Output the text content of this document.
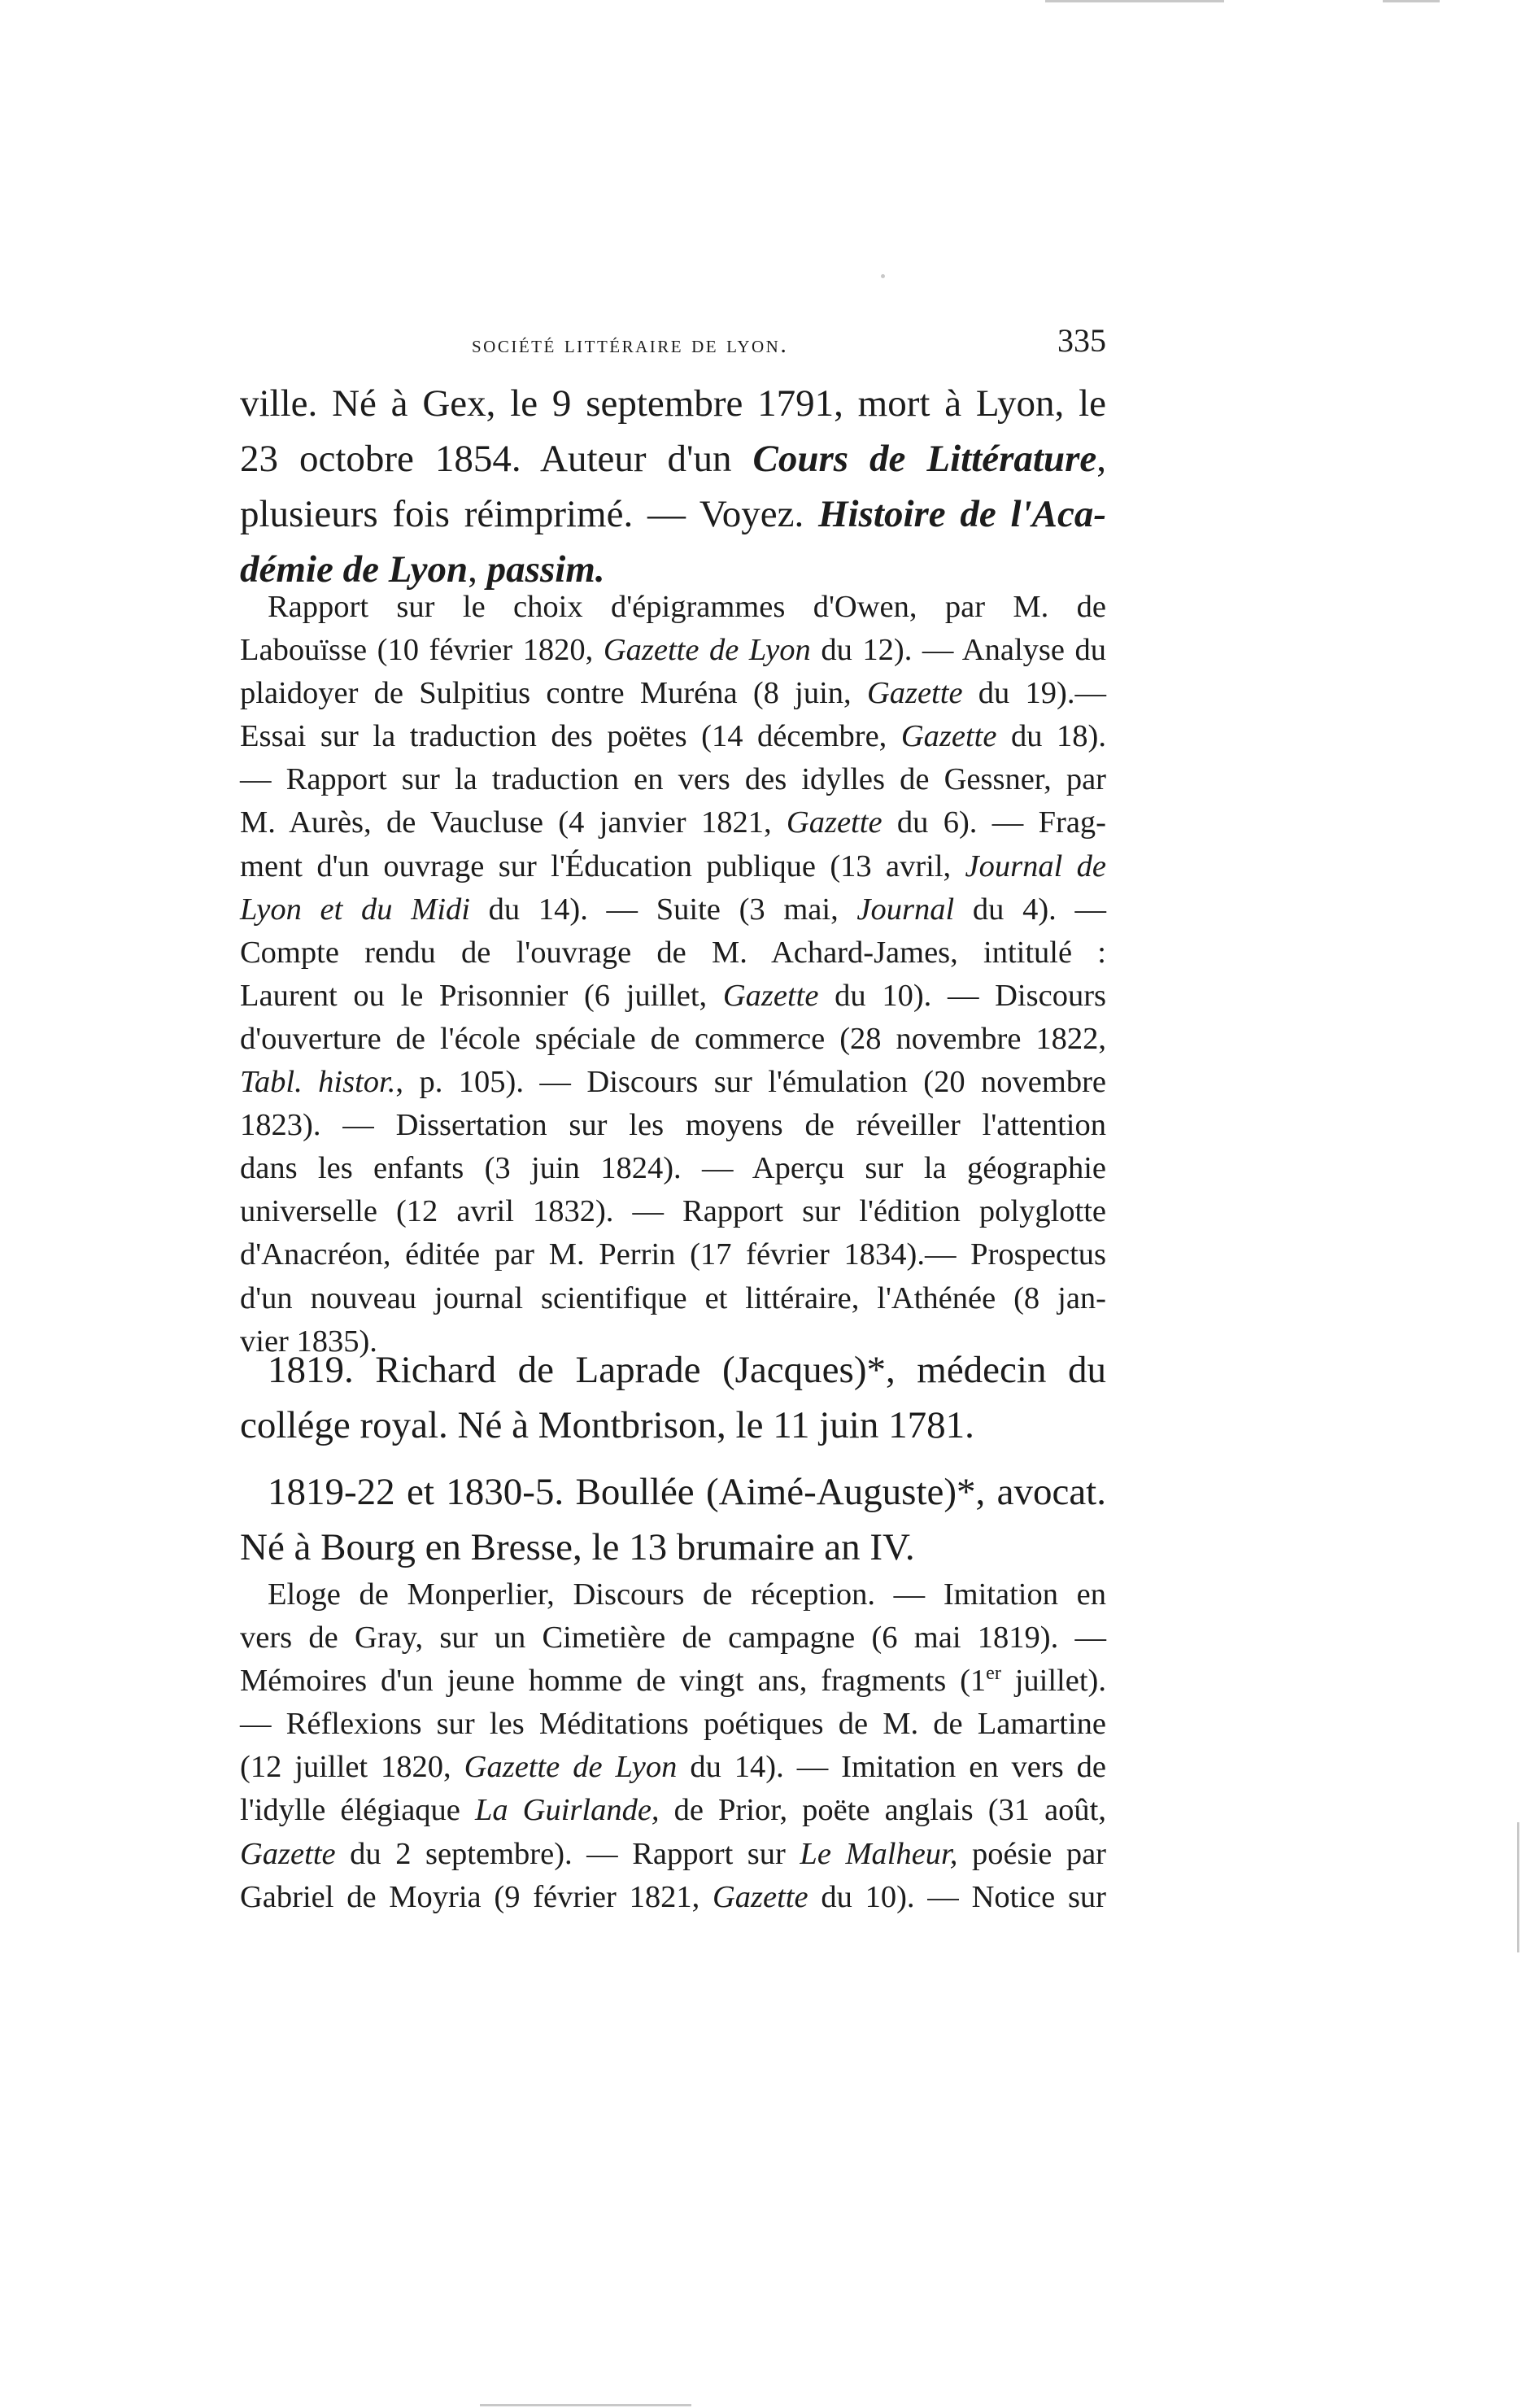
société littéraire de lyon.	335
ville. Né à Gex, le 9 septembre 1791, mort à Lyon, le
23 octobre 1854. Auteur d'un Cours de Littérature,
plusieurs fois réimprimé. — Voyez. Histoire de l'Aca-
démie de Lyon, passim.
Rapport sur le choix d'épigrammes d'Owen, par M. de
Labouïsse (10 février 1820, Gazette de Lyon du 12). — Analyse du
plaidoyer de Sulpitius contre Muréna (8 juin, Gazette du 19).—
Essai sur la traduction des poëtes (14 décembre, Gazette du 18).
— Rapport sur la traduction en vers des idylles de Gessner, par
M. Aurès, de Vaucluse (4 janvier 1821, Gazette du 6). — Frag-
ment d'un ouvrage sur l'Éducation publique (13 avril, Journal de
Lyon et du Midi du 14). — Suite (3 mai, Journal du 4). —
Compte rendu de l'ouvrage de M. Achard-James, intitulé :
Laurent ou le Prisonnier (6 juillet, Gazette du 10). — Discours
d'ouverture de l'école spéciale de commerce (28 novembre 1822,
Tabl. histor., p. 105). — Discours sur l'émulation (20 novembre
1823). — Dissertation sur les moyens de réveiller l'attention
dans les enfants (3 juin 1824). — Aperçu sur la géographie
universelle (12 avril 1832). — Rapport sur l'édition polyglotte
d'Anacréon, éditée par M. Perrin (17 février 1834).— Prospectus
d'un nouveau journal scientifique et littéraire, l'Athénée (8 jan-
vier 1835).
1819. Richard de Laprade (Jacques)*, médecin du
collége royal. Né à Montbrison, le 11 juin 1781.
1819-22 et 1830-5. Boullée (Aimé-Auguste)*, avocat.
Né à Bourg en Bresse, le 13 brumaire an IV.
Eloge de Monperlier, Discours de réception. — Imitation en
vers de Gray, sur un Cimetière de campagne (6 mai 1819). —
Mémoires d'un jeune homme de vingt ans, fragments (1er juillet).
— Réflexions sur les Méditations poétiques de M. de Lamartine
(12 juillet 1820, Gazette de Lyon du 14). — Imitation en vers de
l'idylle élégiaque La Guirlande, de Prior, poëte anglais (31 août,
Gazette du 2 septembre). — Rapport sur Le Malheur, poésie par
Gabriel de Moyria (9 février 1821, Gazette du 10). — Notice sur
